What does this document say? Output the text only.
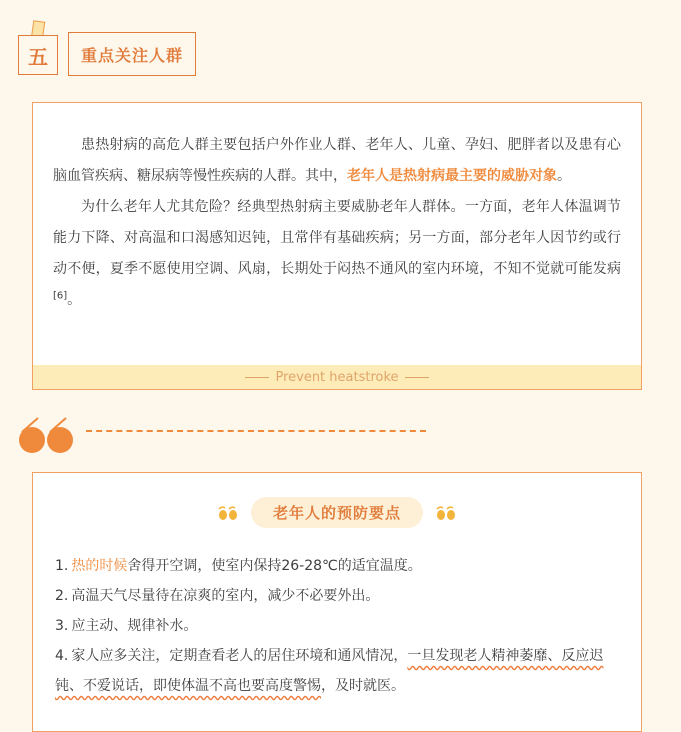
五	重点关注人群

患热射病的高危人群主要包括户外作业人群、老年人、儿童、孕妇、肥胖者以及患有心脑血管疾病、糖尿病等慢性疾病的人群。其中，老年人是热射病最主要的威胁对象。

为什么老年人尤其危险？经典型热射病主要威胁老年人群体。一方面，老年人体温调节能力下降、对高温和口渴感知迟钝，且常伴有基础疾病；另一方面，部分老年人因节约或行动不便，夏季不愿使用空调、风扇，长期处于闷热不通风的室内环境，不知不觉就可能发病[6]。

Prevent heatstroke
老年人的预防要点
1. 热的时候舍得开空调，使室内保持26-28℃的适宜温度。
2. 高温天气尽量待在凉爽的室内，减少不必要外出。
3. 应主动、规律补水。
4. 家人应多关注，定期查看老人的居住环境和通风情况，一旦发现老人精神萎靡、反应迟钝、不爱说话，即使体温不高也要高度警惕，及时就医。
